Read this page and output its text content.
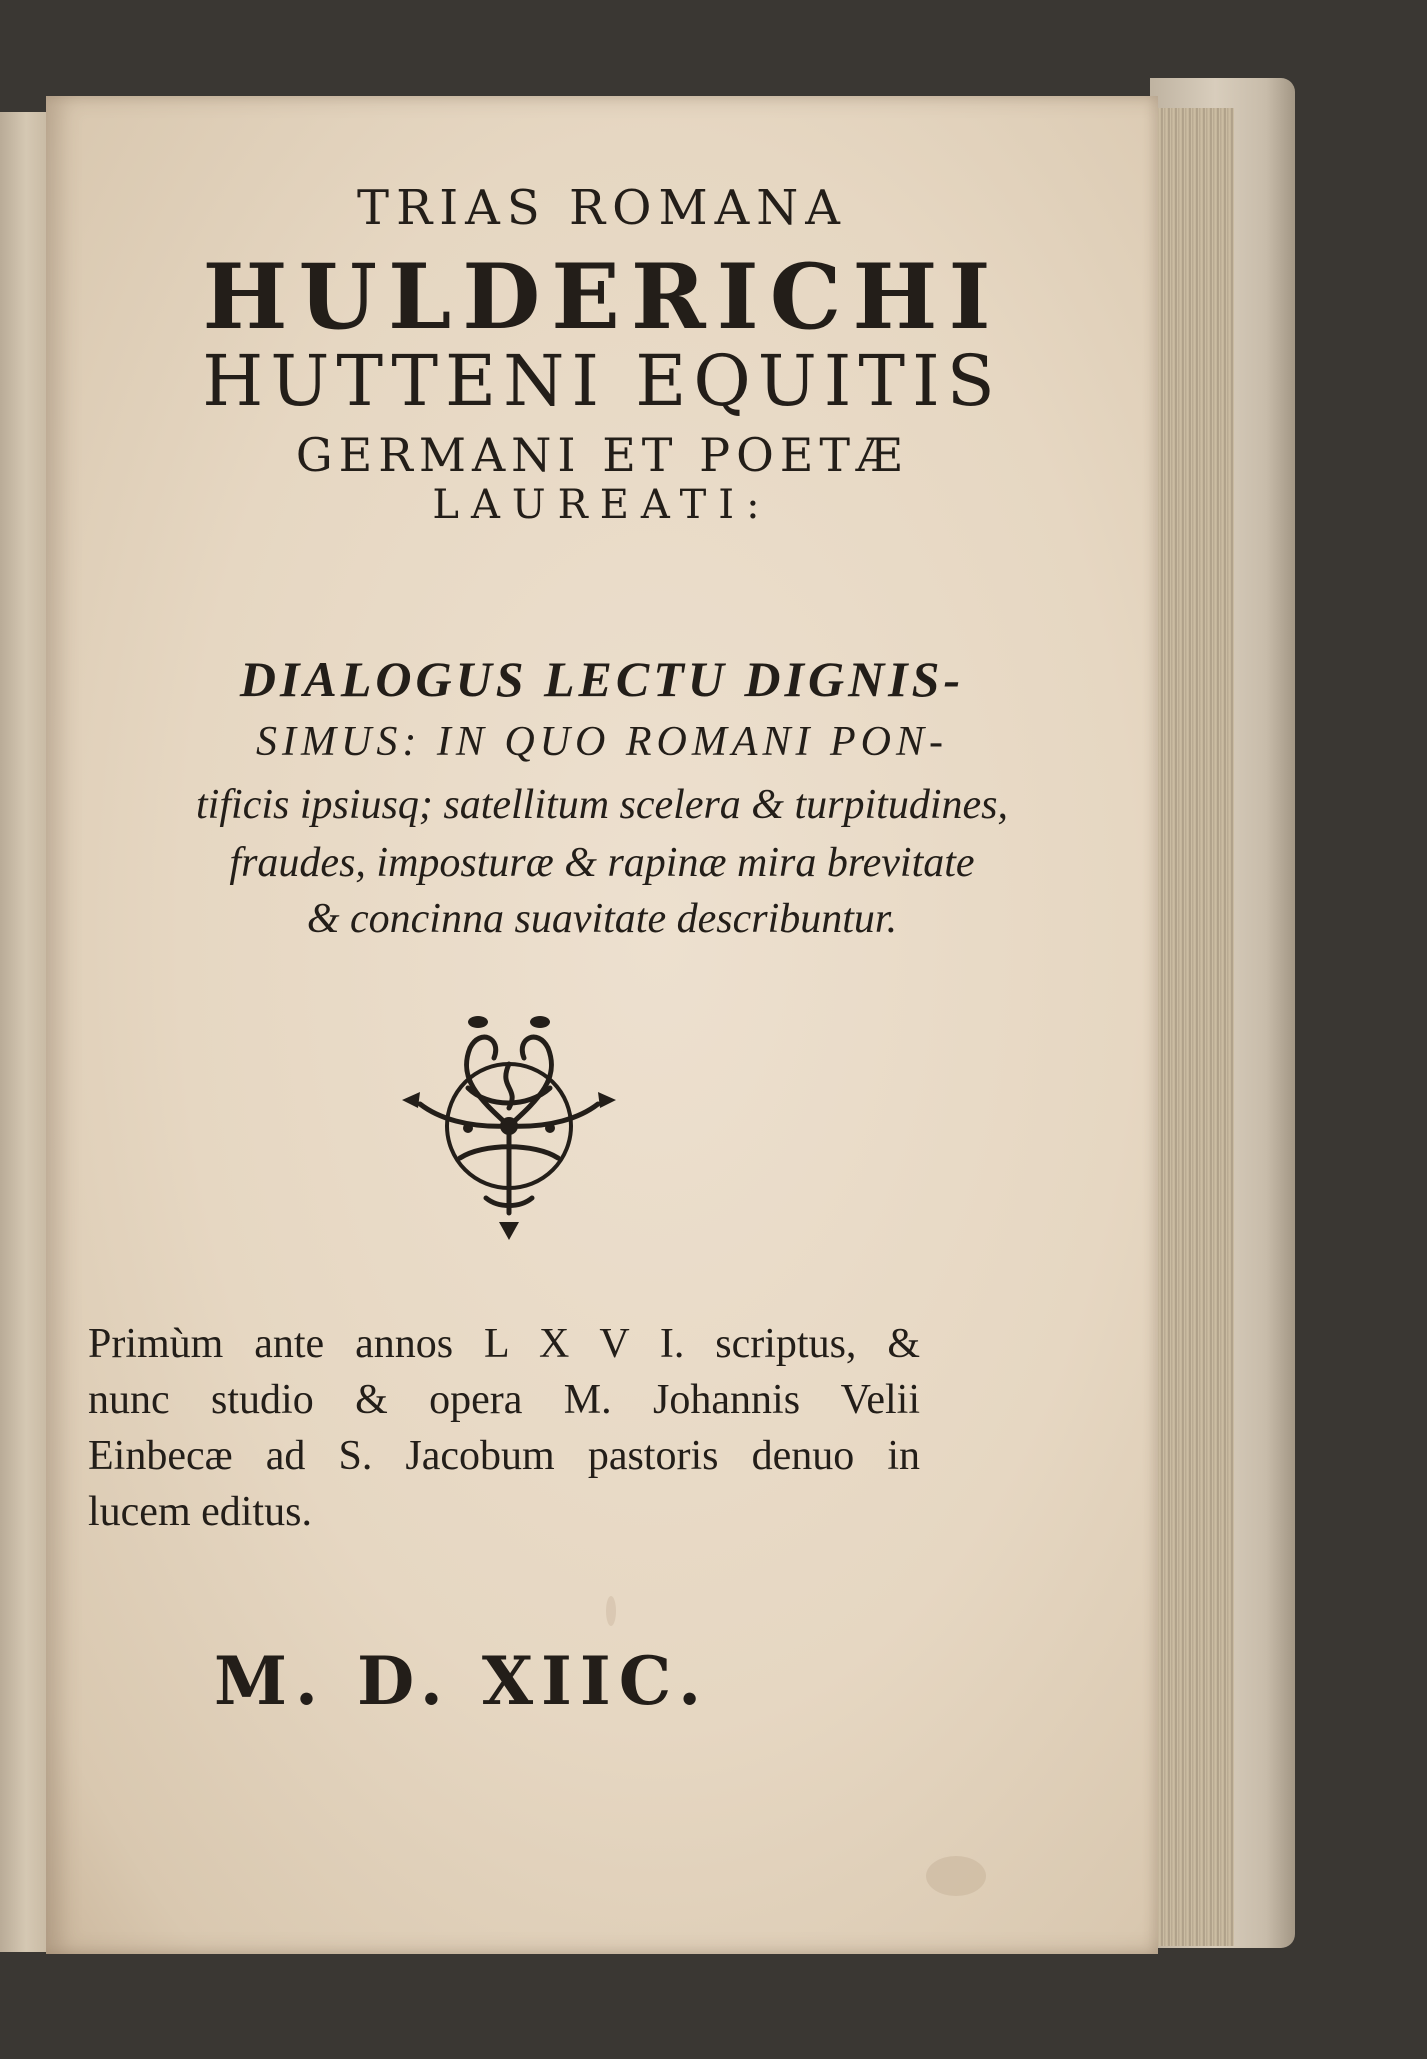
TRIAS ROMANA

HULDERICHI

HUTTENI EQUITIS

GERMANI ET POETÆ

LAUREATI:

DIALOGUS LECTU DIGNIS-

SIMUS: IN QUO ROMANI PON-

tificis ipsiusq; satellitum scelera & turpitudines,

fraudes, imposturæ & rapinæ mira brevitate

& concinna suavitate describuntur.

Primùm ante annos L X V I. scriptus, &

nunc studio & opera M. Johannis Velii

Einbecæ ad S. Jacobum pastoris denuo in

lucem editus.

M. D. XIIC.
